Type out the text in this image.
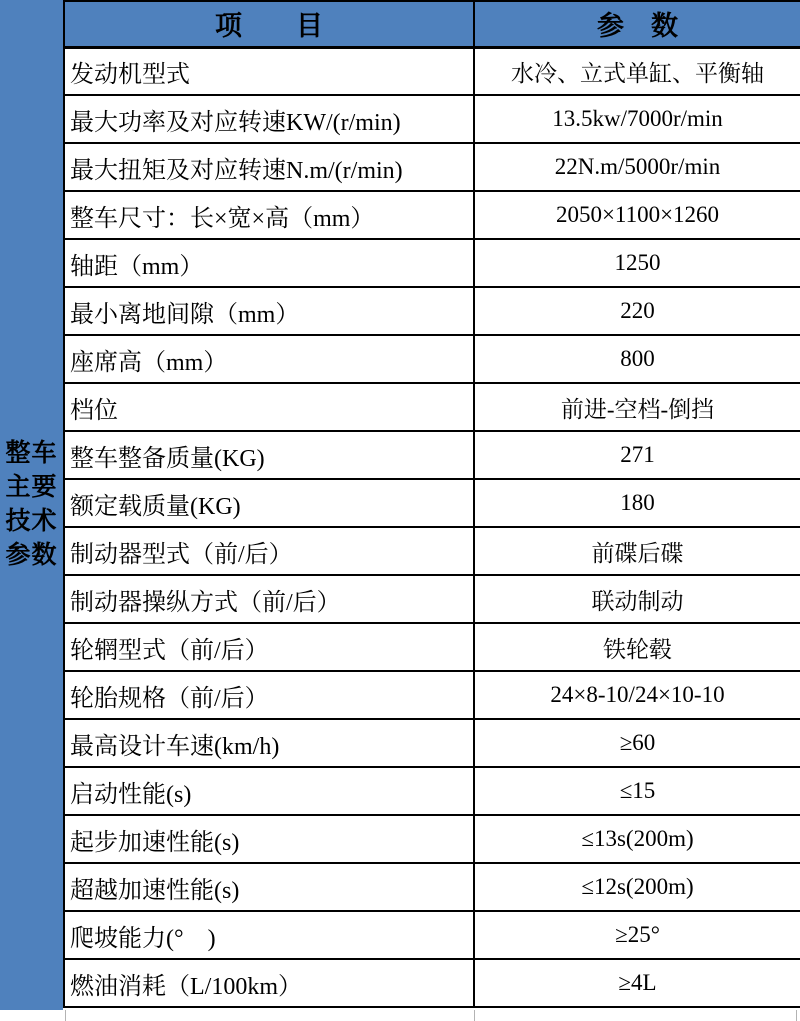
整车
主要
技术
参数
项　　目	参　数
发动机型式	水冷、立式单缸、平衡轴
最大功率及对应转速KW/(r/min)	13.5kw/7000r/min
最大扭矩及对应转速N.m/(r/min)	22N.m/5000r/min
整车尺寸：长×宽×高（mm）	2050×1100×1260
轴距（mm）	1250
最小离地间隙（mm）	220
座席高（mm）	800
档位	前进-空档-倒挡
整车整备质量(KG)	271
额定载质量(KG)	180
制动器型式（前/后）	前碟后碟
制动器操纵方式（前/后）	联动制动
轮辋型式（前/后）	铁轮毂
轮胎规格（前/后）	24×8-10/24×10-10
最高设计车速(km/h)	≥60
启动性能(s)	≤15
起步加速性能(s)	≤13s(200m)
超越加速性能(s)	≤12s(200m)
爬坡能力(°　)	≥25°
燃油消耗（L/100km）	≥4L
